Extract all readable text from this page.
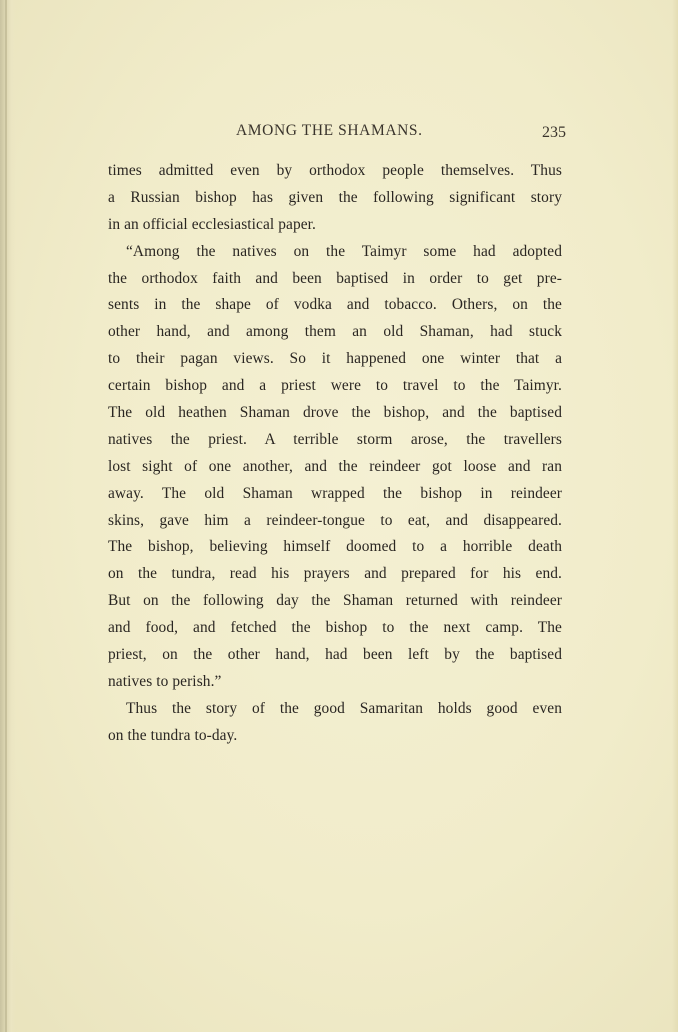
AMONG THE SHAMANS.	235
times admitted even by orthodox people themselves. Thus
a Russian bishop has given the following significant story
in an official ecclesiastical paper.
“Among the natives on the Taimyr some had adopted
the orthodox faith and been baptised in order to get pre-
sents in the shape of vodka and tobacco. Others, on the
other hand, and among them an old Shaman, had stuck
to their pagan views. So it happened one winter that a
certain bishop and a priest were to travel to the Taimyr.
The old heathen Shaman drove the bishop, and the baptised
natives the priest. A terrible storm arose, the travellers
lost sight of one another, and the reindeer got loose and ran
away. The old Shaman wrapped the bishop in reindeer
skins, gave him a reindeer-tongue to eat, and disappeared.
The bishop, believing himself doomed to a horrible death
on the tundra, read his prayers and prepared for his end.
But on the following day the Shaman returned with reindeer
and food, and fetched the bishop to the next camp. The
priest, on the other hand, had been left by the baptised
natives to perish.”
Thus the story of the good Samaritan holds good even
on the tundra to-day.
